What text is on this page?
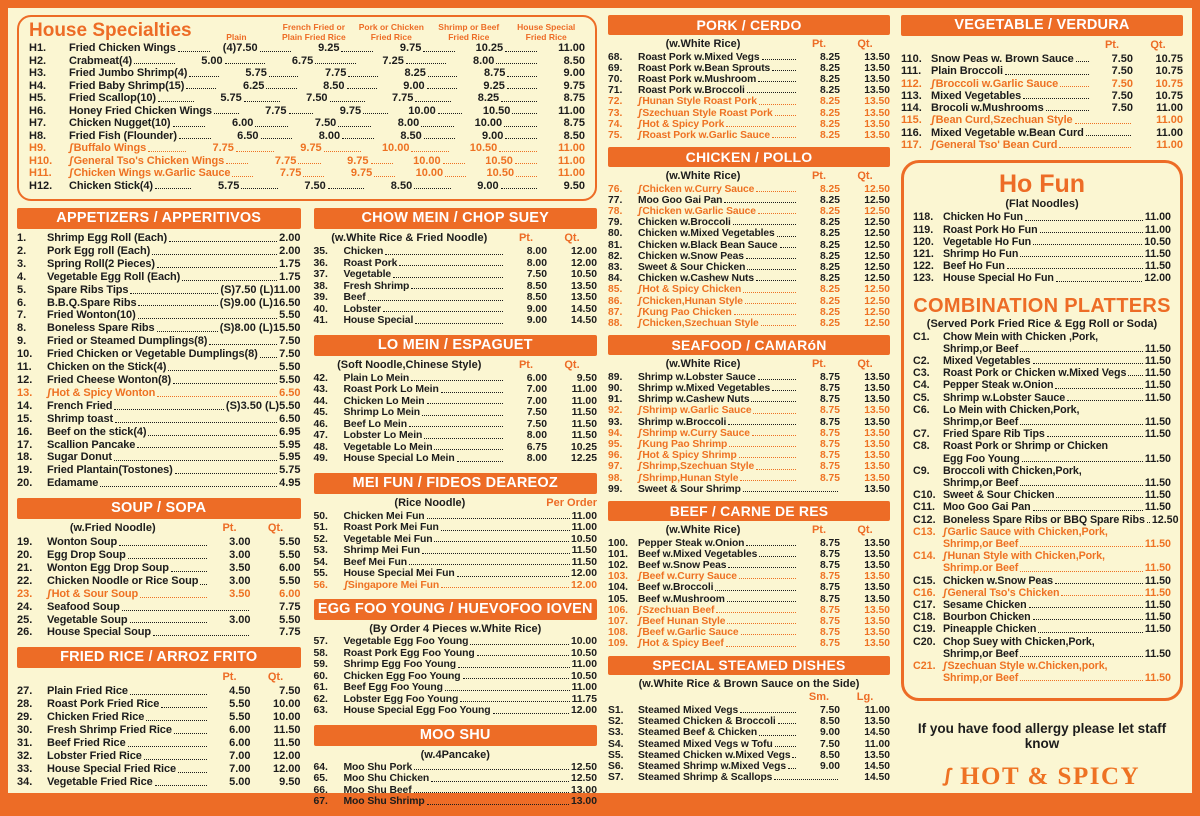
House Specialties	Plain
French Fried or
Plain Fried Rice
Pork or Chicken
Fried Rice
Shrimp or Beef
Fried Rice
House Special
Fried Rice
H1.	Fried Chicken Wings	(4)7.50	9.25	9.75	10.25	11.00
H2.	Crabmeat(4)	5.00	6.75	7.25	8.00	8.50
H3.	Fried Jumbo Shrimp(4)	5.75	7.75	8.25	8.75	9.00
H4.	Fried Baby Shrimp(15)	6.25	8.50	9.00	9.25	9.75
H5.	Fried Scallop(10)	5.75	7.50	7.75	8.25	8.75
H6.	Honey Fried Chicken Wings	7.75	9.75	10.00	10.50	11.00
H7.	Chicken Nugget(10)	6.00	7.50	8.00	10.00	8.75
H8.	Fried Fish (Flounder)	6.50	8.00	8.50	9.00	8.50
H9.	ʃBuffalo Wings	7.75	9.75	10.00	10.50	11.00
H10.	ʃGeneral Tso's Chicken Wings	7.75	9.75	10.00	10.50	11.00
H11.	ʃChicken Wings w.Garlic Sauce	7.75	9.75	10.00	10.50	11.00
H12.	Chicken Stick(4)	5.75	7.50	8.50	9.00	9.50
APPETIZERS / APPERITIVOS
1.	Shrimp Egg Roll (Each)	2.00
2.	Pork Egg roll (Each)	2.00
3.	Spring Roll(2 Pieces)	1.75
4.	Vegetable Egg Roll (Each)	1.75
5.	Spare Ribs Tips	(S)7.50 (L)11.00
6.	B.B.Q.Spare Ribs	(S)9.00 (L)16.50
7.	Fried Wonton(10)	5.50
8.	Boneless Spare Ribs	(S)8.00 (L)15.50
9.	Fried or Steamed Dumplings(8)	7.50
10.	Fried Chicken or Vegetable Dumplings(8) 7.50
11.	Chicken on the Stick(4)	5.50
12.	Fried Cheese Wonton(8)	5.50
13.	ʃHot & Spicy Wonton	6.50
14.	French Fried	(S)3.50 (L)5.50
15.	Shrimp toast	6.50
16.	Beef on the stick(4)	6.95
17.	Scallion Pancake	5.95
18.	Sugar Donut	5.95
19.	Fried Plantain(Tostones)	5.75
20.	Edamame	4.95
SOUP / SOPA
(w.Fried Noodle)	Pt.	Qt.
19.	Wonton Soup	3.00	5.50
20.	Egg Drop Soup	3.00	5.50
21.	Wonton Egg Drop Soup	3.50	6.00
22.	Chicken Noodle or Rice Soup	3.00	5.50
23.	ʃHot & Sour Soup	3.50	6.00
24.	Seafood Soup	7.75
25.	Vegetable Soup	3.00	5.50
26.	House Special Soup	7.75
FRIED RICE / ARROZ FRITO
Pt.	Qt.
27.	Plain Fried Rice	4.50	7.50
28.	Roast Pork Fried Rice	5.50	10.00
29.	Chicken Fried Rice	5.50	10.00
30.	Fresh Shrimp Fried Rice	6.00	11.50
31.	Beef Fried Rice	6.00	11.50
32.	Lobster Fried Rice	7.00	12.00
33.	House Special Fried Rice	7.00	12.00
34.	Vegetable Fried Rice	5.00	9.50
CHOW MEIN / CHOP SUEY
(w.White Rice & Fried Noodle)	Pt.	Qt.
35.	Chicken	8.00	12.00
36.	Roast Pork	8.00	12.00
37.	Vegetable	7.50	10.50
38.	Fresh Shrimp	8.50	13.50
39.	Beef	8.50	13.50
40.	Lobster	9.00	14.50
41.	House Special	9.00	14.50
LO MEIN / ESPAGUET
(Soft Noodle,Chinese Style)	Pt.	Qt.
42.	Plain Lo Mein	6.00	9.50
43.	Roast Pork Lo Mein	7.00	11.00
44.	Chicken Lo Mein	7.00	11.00
45.	Shrimp Lo Mein	7.50	11.50
46.	Beef Lo Mein	7.50	11.50
47.	Lobster Lo Mein	8.00	11.50
48.	Vegetable Lo Mein	6.75	10.25
49.	House Special Lo Mein	8.00	12.25
MEI FUN / FIDEOS DEAREOZ
(Rice Noodle)	Per Order
50.	Chicken Mei Fun	11.00
51.	Roast Pork Mei Fun	11.00
52.	Vegetable Mei Fun	10.50
53.	Shrimp Mei Fun	11.50
54.	Beef Mei Fun	11.50
55.	House Special Mei Fun	12.00
56.	ʃSingapore Mei Fun	12.00
EGG FOO YOUNG / HUEVOFOO IOVEN
(By Order 4 Pieces w.White Rice)
57.	Vegetable Egg Foo Young	10.00
58.	Roast Pork Egg Foo Young	10.50
59.	Shrimp Egg Foo Young	11.00
60.	Chicken Egg Foo Young	10.50
61.	Beef Egg Foo Young	11.00
62.	Lobster Egg Foo Young	11.75
63.	House Special Egg Foo Young	12.00
MOO SHU
(w.4Pancake)
64.	Moo Shu Pork	12.50
65.	Moo Shu Chicken	12.50
66.	Moo Shu Beef	13.00
67.	Moo Shu Shrimp	13.00
PORK / CERDO
(w.White Rice)	Pt.	Qt.
68.	Roast Pork w.Mixed Vegs	8.25	13.50
69.	Roast Pork w.Bean Sprouts	8.25	13.50
70.	Roast Pork w.Mushroom	8.25	13.50
71.	Roast Pork w.Broccoli	8.25	13.50
72.	ʃHunan Style Roast Pork	8.25	13.50
73.	ʃSzechuan Style Roast Pork	8.25	13.50
74.	ʃHot & Spicy Pork	8.25	13.50
75.	ʃRoast Pork w.Garlic Sauce	8.25	13.50
CHICKEN / POLLO
(w.White Rice)	Pt.	Qt.
76.	ʃChicken w.Curry Sauce	8.25	12.50
77.	Moo Goo Gai Pan	8.25	12.50
78.	ʃChicken w.Garlic Sauce	8.25	12.50
79.	Chicken w.Broccoli	8.25	12.50
80.	Chicken w.Mixed Vegetables	8.25	12.50
81.	Chicken w.Black Bean Sauce	8.25	12.50
82.	Chicken w.Snow Peas	8.25	12.50
83.	Sweet & Sour Chicken	8.25	12.50
84.	Chicken w.Cashew Nuts	8.25	12.50
85.	ʃHot & Spicy Chicken	8.25	12.50
86.	ʃChicken,Hunan Style	8.25	12.50
87.	ʃKung Pao Chicken	8.25	12.50
88.	ʃChicken,Szechuan Style	8.25	12.50
SEAFOOD / CAMARóN
(w.White Rice)	Pt.	Qt.
89.	Shrimp w.Lobster Sauce	8.75	13.50
90.	Shrimp w.Mixed Vegetables	8.75	13.50
91.	Shrimp w.Cashew Nuts	8.75	13.50
92.	ʃShrimp w.Garlic Sauce	8.75	13.50
93.	Shrimp w.Broccoli	8.75	13.50
94.	ʃShrimp w.Curry Sauce	8.75	13.50
95.	ʃKung Pao Shrimp	8.75	13.50
96.	ʃHot & Spicy Shrimp	8.75	13.50
97.	ʃShrimp,Szechuan Style	8.75	13.50
98.	ʃShrimp,Hunan Style	8.75	13.50
99.	Sweet & Sour Shrimp	13.50
BEEF / CARNE DE RES
(w.White Rice)	Pt.	Qt.
100. Pepper Steak w.Onion	8.75	13.50
101. Beef w.Mixed Vegetables	8.75	13.50
102. Beef w.Snow Peas	8.75	13.50
103. ʃBeef w.Curry Sauce	8.75	13.50
104. Beef w.Broccoli	8.75	13.50
105. Beef w.Mushroom	8.75	13.50
106. ʃSzechuan Beef	8.75	13.50
107. ʃBeef Hunan Style	8.75	13.50
108. ʃBeef w.Garlic Sauce	8.75	13.50
109. ʃHot & Spicy Beef	8.75	13.50
SPECIAL STEAMED DISHES
(w.White Rice & Brown Sauce on the Side)
Sm.	Lg.
S1.	Steamed Mixed Vegs	7.50	11.00
S2.	Steamed Chicken & Broccoli	8.50	13.50
S3.	Steamed Beef & Chicken	9.00	14.50
S4.	Steamed Mixed Vegs w Tofu	7.50	11.00
S5.	Steamed Chicken w.Mixed Vegs	8.50	13.50
S6.	Steamed Shrimp w.Mixed Vegs	9.00	14.50
S7.	Steamed Shrimp & Scallops	14.50
VEGETABLE / VERDURA
Pt.	Qt.
110. Snow Peas w. Brown Sauce	7.50	10.75
111. Plain Broccoli	7.50	10.75
112. ʃBroccoli w.Garlic Sauce	7.50	10.75
113. Mixed Vegetables	7.50	10.75
114. Brocoli w.Mushrooms	7.50	11.00
115. ʃBean Curd,Szechuan Style	11.00
116. Mixed Vegetable w.Bean Curd	11.00
117. ʃGeneral Tso' Bean Curd	11.00
Ho Fun
(Flat Noodles)
118. Chicken Ho Fun	11.00
119. Roast Pork Ho Fun	11.00
120. Vegetable Ho Fun	10.50
121. Shrimp Ho Fun	11.50
122. Beef Ho Fun	11.50
123. House Special Ho Fun	12.00
COMBINATION PLATTERS
(Served Pork Fried Rice & Egg Roll or Soda)
C1.	Chow Mein with Chicken ,Pork,
Shrimp,or Beef	11.50
C2.	Mixed Vegetables	11.50
C3.	Roast Pork or Chicken w.Mixed Vegs 11.50
C4.	Pepper Steak w.Onion	11.50
C5.	Shrimp w.Lobster Sauce	11.50
C6.	Lo Mein with Chicken,Pork,
Shrimp,or Beef	11.50
C7.	Fried Spare Rib Tips	11.50
C8.	Roast Pork or Shrimp or Chicken
Egg Foo Young	11.50
C9.	Broccoli with Chicken,Pork,
Shrimp,or Beef	11.50
C10. Sweet & Sour Chicken	11.50
C11. Moo Goo Gai Pan	11.50
C12. Boneless Spare Ribs or BBQ Spare Ribs 12.50
C13. ʃGarlic Sauce with Chicken,Pork,
Shrimp,or Beef	11.50
C14. ʃHunan Style with Chicken,Pork,
Shrimp.or Beef	11.50
C15. Chicken w.Snow Peas	11.50
C16. ʃGeneral Tso's Chicken	11.50
C17. Sesame Chicken	11.50
C18. Bourbon Chicken	11.50
C19. Pineapple Chicken	11.50
C20. Chop Suey with Chicken,Pork,
Shrimp,or Beef	11.50
C21. ʃSzechuan Style w.Chicken,pork,
Shrimp,or Beef	11.50
If you have food allergy please let staff know
ʃ HOT & SPICY
